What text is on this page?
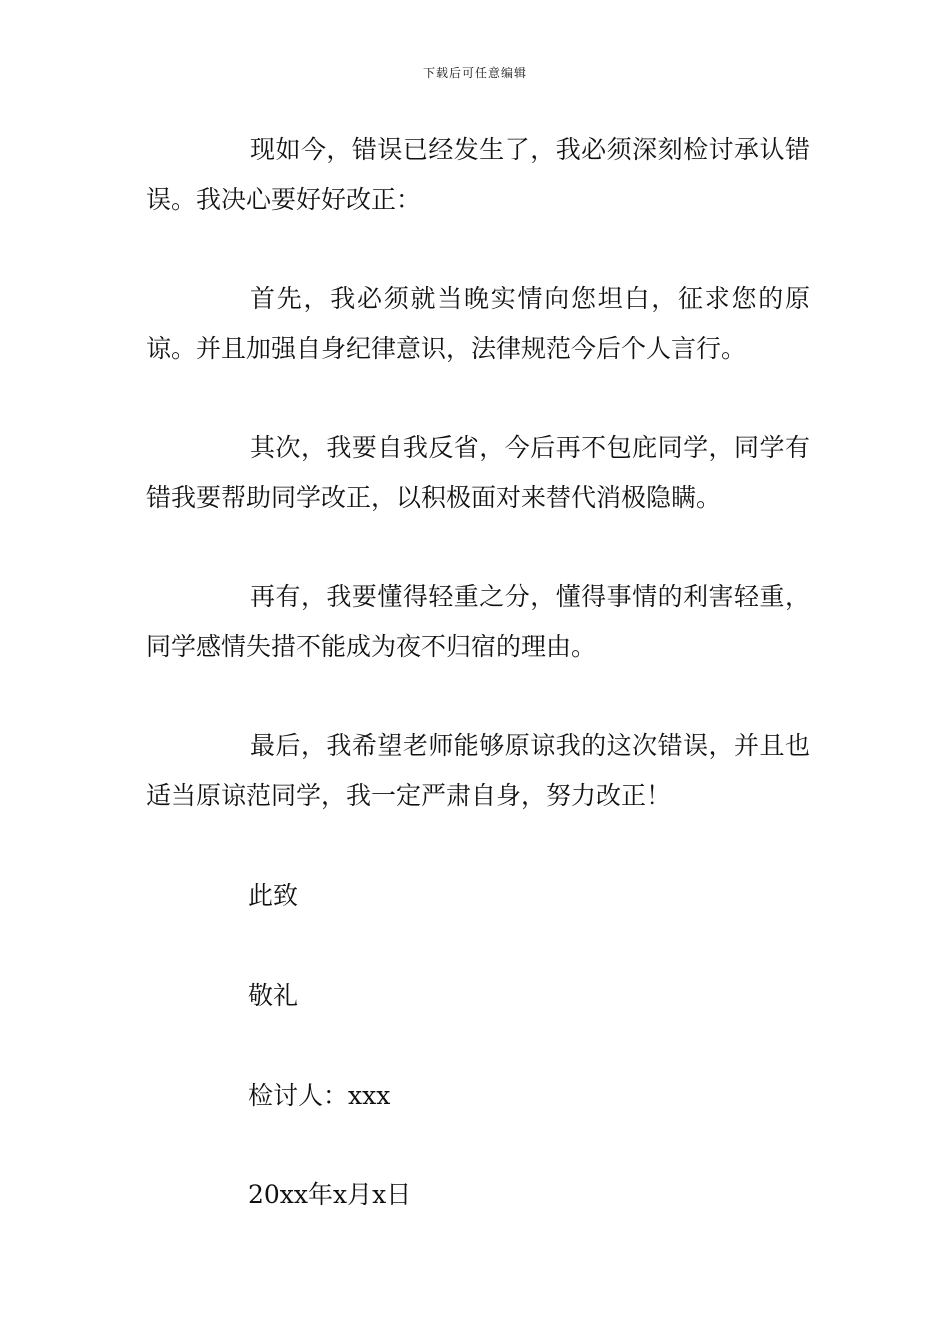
下载后可任意编辑

现如今，错误已经发生了，我必须深刻检讨承认错误。我决心要好好改正：

首先，我必须就当晚实情向您坦白，征求您的原谅。并且加强自身纪律意识，法律规范今后个人言行。

其次，我要自我反省，今后再不包庇同学，同学有错我要帮助同学改正，以积极面对来替代消极隐瞒。

再有，我要懂得轻重之分，懂得事情的利害轻重，同学感情失措不能成为夜不归宿的理由。

最后，我希望老师能够原谅我的这次错误，并且也适当原谅范同学，我一定严肃自身，努力改正！

此致

敬礼

检讨人：xxx

20xx年x月x日
